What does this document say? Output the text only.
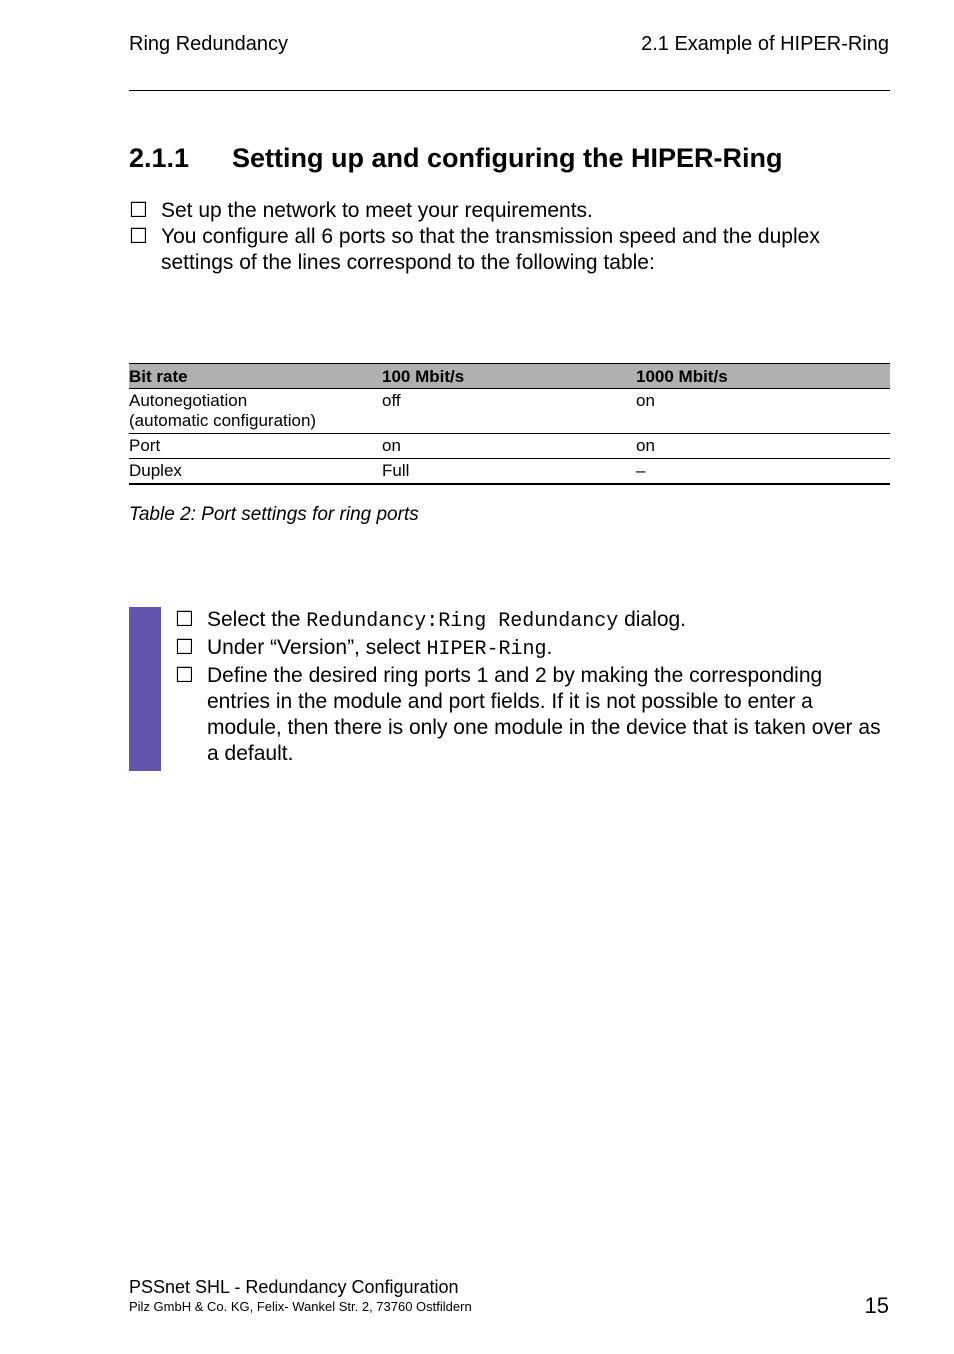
Ring Redundancy	2.1 Example of HIPER-Ring
2.1.1 Setting up and configuring the HIPER-Ring
☐ Set up the network to meet your requirements.
☐ You configure all 6 ports so that the transmission speed and the duplex settings of the lines correspond to the following table:
Bit rate	100 Mbit/s	1000 Mbit/s
Autonegotiation
(automatic configuration)	off	on
Port	on	on
Duplex	Full	–
Table 2: Port settings for ring ports
☐ Select the Redundancy:Ring Redundancy dialog.
☐ Under “Version”, select HIPER-Ring.
☐ Define the desired ring ports 1 and 2 by making the corresponding entries in the module and port fields. If it is not possible to enter a module, then there is only one module in the device that is taken over as a default.
PSSnet SHL - Redundancy Configuration
Pilz GmbH & Co. KG, Felix- Wankel Str. 2, 73760 Ostfildern	15
